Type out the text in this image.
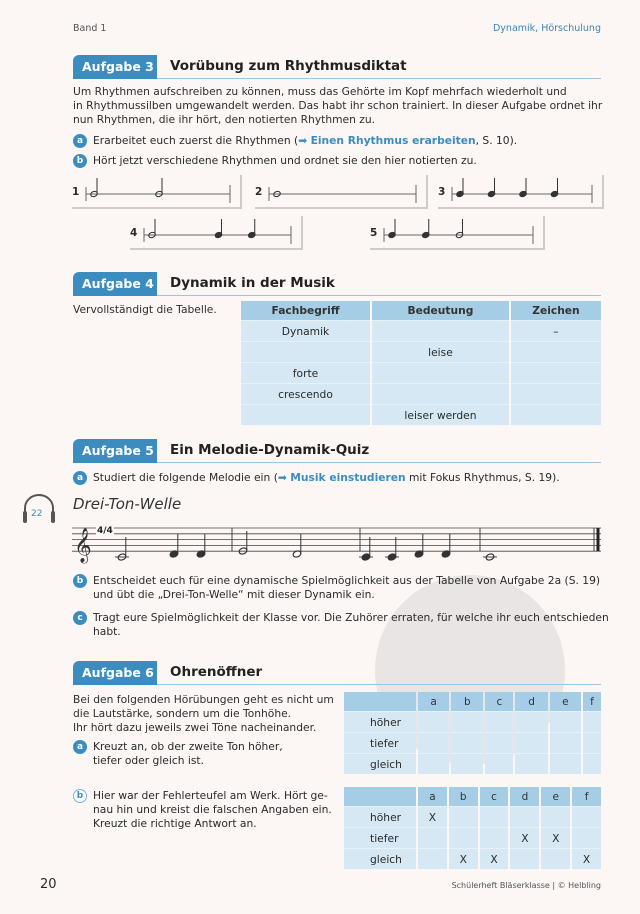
Band 1	Dynamik, Hörschulung
Aufgabe 3 Vorübung zum Rhythmusdiktat
Um Rhythmen aufschreiben zu können, muss das Gehörte im Kopf mehrfach wiederholt und
in Rhythmussilben umgewandelt werden. Das habt ihr schon trainiert. In dieser Aufgabe ordnet ihr
nun Rhythmen, die ihr hört, den notierten Rhythmen zu.
a Erarbeitet euch zuerst die Rhythmen (➡ Einen Rhythmus erarbeiten, S. 10).
b Hört jetzt verschiedene Rhythmen und ordnet sie den hier notierten zu.
1	2	3
4	5
Aufgabe 4 Dynamik in der Musik
Vervollständigt die Tabelle.	Fachbegriff	Bedeutung	Zeichen
Dynamik		–
	leise	
forte		
crescendo		
	leiser werden	
Aufgabe 5 Ein Melodie-Dynamik-Quiz
a Studiert die folgende Melodie ein (➡ Musik einstudieren mit Fokus Rhythmus, S. 19).
22
Drei-Ton-Welle
𝄞 4/4
b Entscheidet euch für eine dynamische Spielmöglichkeit aus der Tabelle von Aufgabe 2a (S. 19)
und übt die „Drei-Ton-Welle“ mit dieser Dynamik ein.
c Tragt eure Spielmöglichkeit der Klasse vor. Die Zuhörer erraten, für welche ihr euch entschieden
habt.
Aufgabe 6 Ohrenöffner
Bei den folgenden Hörübungen geht es nicht um
die Lautstärke, sondern um die Tonhöhe.
Ihr hört dazu jeweils zwei Töne nacheinander.
a Kreuzt an, ob der zweite Ton höher,
tiefer oder gleich ist.
b Hier war der Fehlerteufel am Werk. Hört ge-
nau hin und kreist die falschen Angaben ein.
Kreuzt die richtige Antwort an.
	a	b	c	d	e	f
höher						
tiefer						
gleich						
	a	b	c	d	e	f
höher	X					
tiefer				X	X	
gleich		X	X			X
20	Schülerheft Bläserklasse | © Helbling
